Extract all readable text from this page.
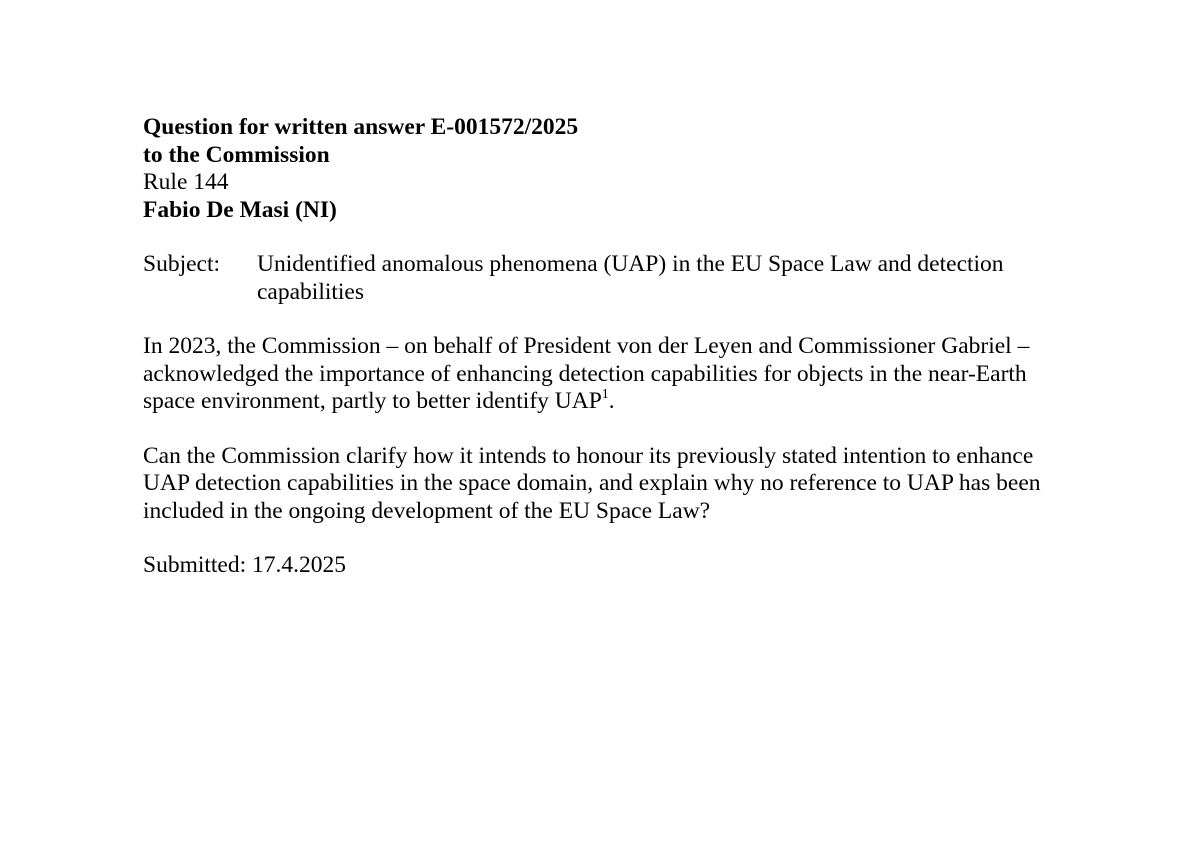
Question for written answer E-001572/2025
to the Commission
Rule 144
Fabio De Masi (NI)
Subject:	Unidentified anomalous phenomena (UAP) in the EU Space Law and detection capabilities

In 2023, the Commission – on behalf of President von der Leyen and Commissioner Gabriel – acknowledged the importance of enhancing detection capabilities for objects in the near-Earth space environment, partly to better identify UAP$^1$.

Can the Commission clarify how it intends to honour its previously stated intention to enhance UAP detection capabilities in the space domain, and explain why no reference to UAP has been included in the ongoing development of the EU Space Law?

Submitted: 17.4.2025
